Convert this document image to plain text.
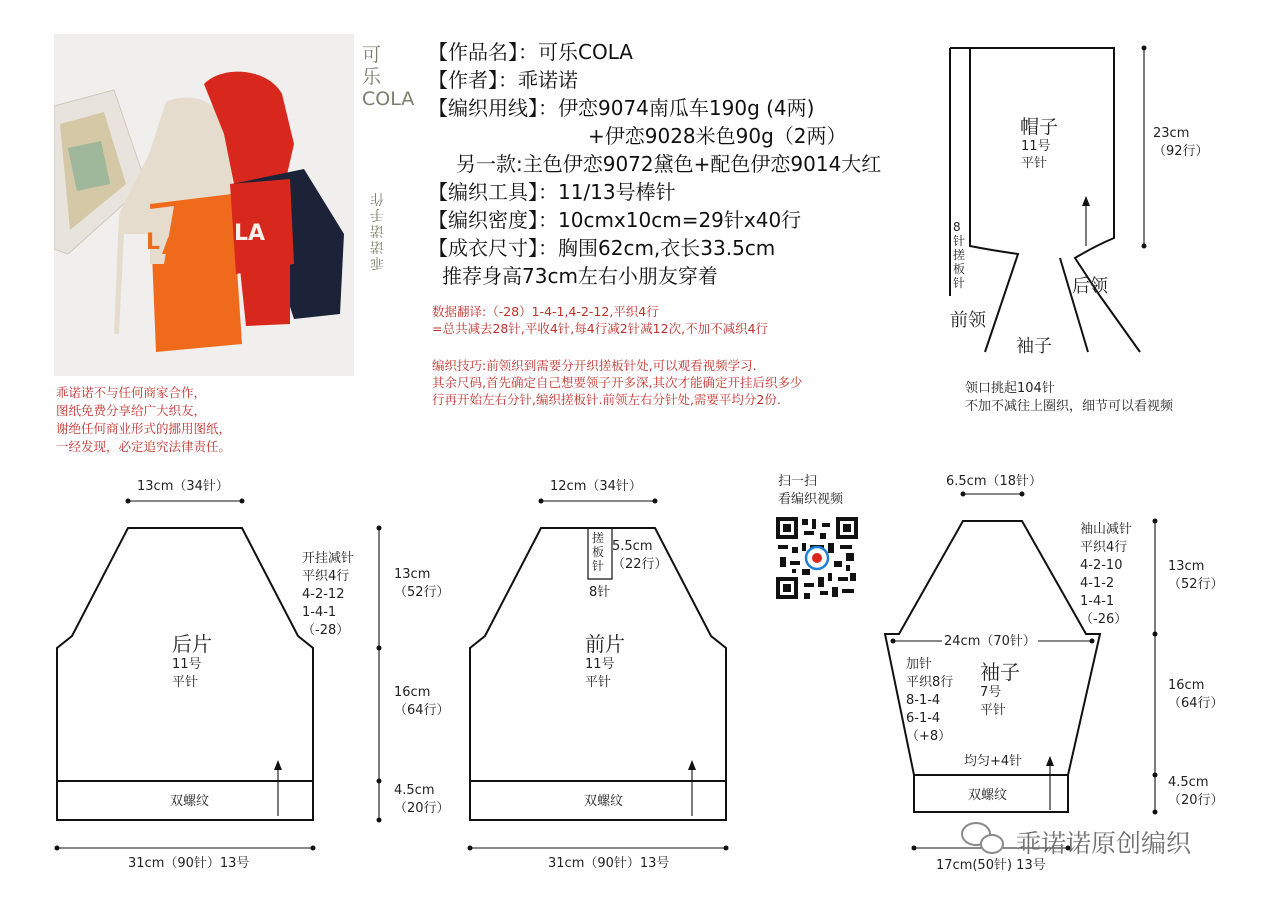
L A
LA
可乐COLA
乖诺诺手作
【作品名】：可乐COLA
【作者】：乖诺诺
【编织用线】：伊恋9074南瓜车190g (4两)
+伊恋9028米色90g（2两）
另一款:主色伊恋9072黛色+配色伊恋9014大红
【编织工具】：11/13号棒针
【编织密度】：10cmx10cm=29针x40行
【成衣尺寸】：胸围62cm,衣长33.5cm
推荐身高73cm左右小朋友穿着
数据翻译:（-28）1-4-1,4-2-12,平织4行
=总共减去28针,平收4针,每4行减2针减12次,不加不减织4行
编织技巧:前领织到需要分开织搓板针处,可以观看视频学习.
其余尺码,首先确定自己想要领子开多深,其次才能确定开挂后织多少
行再开始左右分针,编织搓板针.前领左右分针处,需要平均分2份.
乖诺诺不与任何商家合作，
图纸免费分享给广大织友，
谢绝任何商业形式的挪用图纸，
一经发现，必定追究法律责任。
帽子
11号
平针
23cm
（92行）
8针搓板针
前领
后领
袖子
领口挑起104针
不加不减往上圈织，细节可以看视频
扫一扫
看编织视频
13cm（34针）
后片
11号
平针
开挂减针
平织4行
4-2-12
1-4-1
（-28）
13cm
（52行）
16cm
（64行）
4.5cm
（20行）
双螺纹
31cm（90针）13号
12cm（34针）
搓板针
5.5cm
（22行）
8针
前片
11号
平针
双螺纹
31cm（90针）13号
6.5cm（18针）
袖山减针
平织4行
4-2-10
4-1-2
1-4-1
（-26）
13cm
（52行）
24cm（70针）
加针
平织8行
8-1-4
6-1-4
（+8）
袖子
7号
平针
16cm
（64行）
均匀+4针
4.5cm
（20行）
双螺纹
17cm(50针) 13号
乖诺诺原创编织
